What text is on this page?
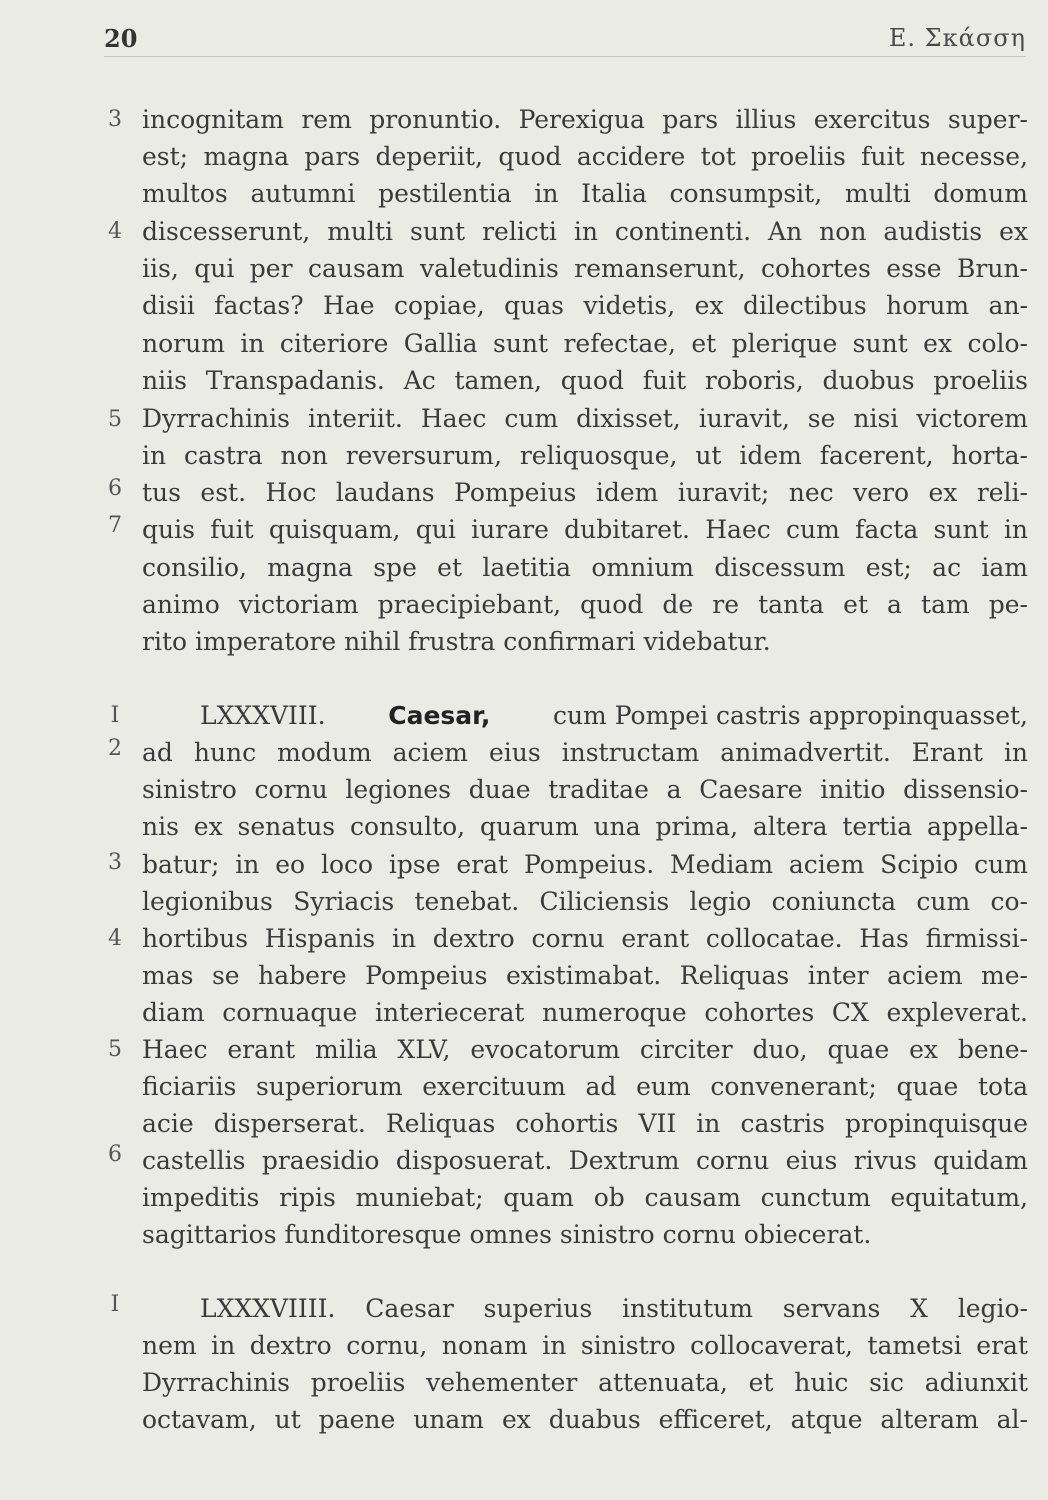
20	E. Σκάσση
3
4
5
6
7
I
2
3
4
5
6
I
incognitam rem pronuntio. Perexigua pars illius exercitus super-
est; magna pars deperiit, quod accidere tot proeliis fuit necesse,
multos autumni pestilentia in Italia consumpsit, multi domum
discesserunt, multi sunt relicti in continenti. An non audistis ex
iis, qui per causam valetudinis remanserunt, cohortes esse Brun-
disii factas? Hae copiae, quas videtis, ex dilectibus horum an-
norum in citeriore Gallia sunt refectae, et plerique sunt ex colo-
niis Transpadanis. Ac tamen, quod fuit roboris, duobus proeliis
Dyrrachinis interiit. Haec cum dixisset, iuravit, se nisi victorem
in castra non reversurum, reliquosque, ut idem facerent, horta-
tus est. Hoc laudans Pompeius idem iuravit; nec vero ex reli-
quis fuit quisquam, qui iurare dubitaret. Haec cum facta sunt in
consilio, magna spe et laetitia omnium discessum est; ac iam
animo victoriam praecipiebant, quod de re tanta et a tam pe-
rito imperatore nihil frustra confirmari videbatur.
LXXXVIII.	Caesar,	cum Pompei castris appropinquasset,
ad hunc modum aciem eius instructam animadvertit. Erant in
sinistro cornu legiones duae traditae a Caesare initio dissensio-
nis ex senatus consulto, quarum una prima, altera tertia appella-
batur; in eo loco ipse erat Pompeius. Mediam aciem Scipio cum
legionibus Syriacis tenebat. Ciliciensis legio coniuncta cum co-
hortibus Hispanis in dextro cornu erant collocatae. Has firmissi-
mas se habere Pompeius existimabat. Reliquas inter aciem me-
diam cornuaque interiecerat numeroque cohortes CX expleverat.
Haec erant milia XLV, evocatorum circiter duo, quae ex bene-
ficiariis superiorum exercituum ad eum convenerant; quae tota
acie disperserat. Reliquas cohortis VII in castris propinquisque
castellis praesidio disposuerat. Dextrum cornu eius rivus quidam
impeditis ripis muniebat; quam ob causam cunctum equitatum,
sagittarios funditoresque omnes sinistro cornu obiecerat.
LXXXVIIII. Caesar superius institutum servans X legio-
nem in dextro cornu, nonam in sinistro collocaverat, tametsi erat
Dyrrachinis proeliis vehementer attenuata, et huic sic adiunxit
octavam, ut paene unam ex duabus efficeret, atque alteram al-
